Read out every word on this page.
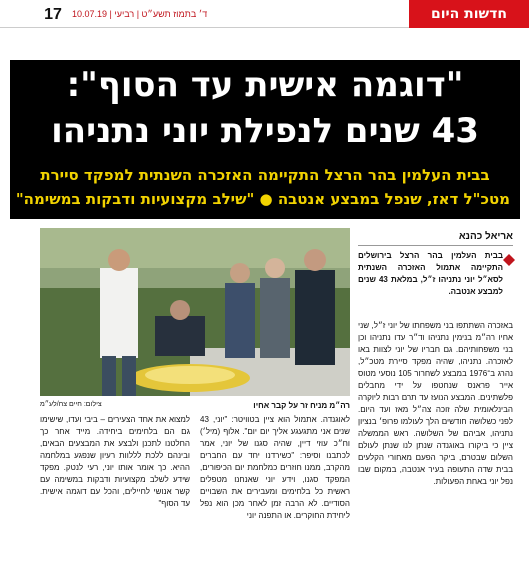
17	ד׳ בתמוז תשע״ט | רביעי | 10.07.19	חדשות היום
"דוגמה אישית עד הסוף":
43 שנים לנפילת יוני נתניהו
בבית העלמין בהר הרצל התקיימה האזכרה השנתית למפקד סיירת
מטכ"ל דאז, שנפל במבצע אנטבה ● "שילב מקצועיות ודבקות במשימה"
צילום: חיים צח/לע״מ	רה״מ מניח זר על קבר אחיו
אריאל כהנא

בבית העלמין בהר הרצל בירושלים התקיימה אתמול האזכרה השנתית לסא״ל יוני נתניהו ז״ל, במלאת 43 שנים למבצע אנטבה.

באזכרה השתתפו בני משפחתו של יוני ז״ל, שני אחיו רה״מ בנימין נתניהו וד״ר עדו נתניהו וכן בני משפחותיהם. גם חבריו של יוני לצוות באו לאזכרה. נתניהו, שהיה מפקד סיירת מטכ״ל, נהרג ב־1976 במבצע לשחרור 105 נוסעי מטוס אייר פראנס שנחטפו על ידי מחבלים פלשתינים. המבצע הנועז עד תרם רבות ליוקרה הבינלאומית שלה זוכה צה״ל מאז ועד היום. לפני כשלושה חודשים הלך לעולמו פרופ׳ בנציון נתניהו, אביהם של השלושה. ראש הממשלה ציין כי ביקורו באוגנדה שנתן לנו שנתן לעולם השלום שבטרם, ביקר הפעם מאחורי הקלעים בבית שדה התעופה בעיר אנטבה, במקום שבו נפל יוני באחת הפעולות.

לאוגנדה. אתמול הוא ציין בטוויטר: "יוני, 43 שנים אני מתגעגע אליך יום יום". אלוף (מיל׳) וח״כ עוזי דיין, שהיה סגנו של יוני, אמר לכתבנו וסיפר: "כשירדנו יחד עם החברים מהקרב, ממנו חוזרים כמלחמת יום הכיפורים, המפקד סגנו, וידע יוני שאנחנו מטפלים ראשית כל בלחימים ומעבירים את השבויים הסודיים. לא הרבה זמן לאחר מכן הוא נפל ליחידת החוקרים. או התפנה יוני

למצוא את אחד הצעירים – ביבי ועדו, שישימו גם הם בלחימים ביחידה. מייד אחר כך החלטנו לתכנן ולבצע את המבצעים הבאים, ובינהם ללכת לללוות רעיון שנפגע במלחמה ההיא. כך אומר אותו יוני, רעי לנטק. מפקד שידע לשלב מקצועיות ודבקות במשימה עם קשר אנושי לחיילים, והכל עם דוגמה אישית. עד הסוף"
